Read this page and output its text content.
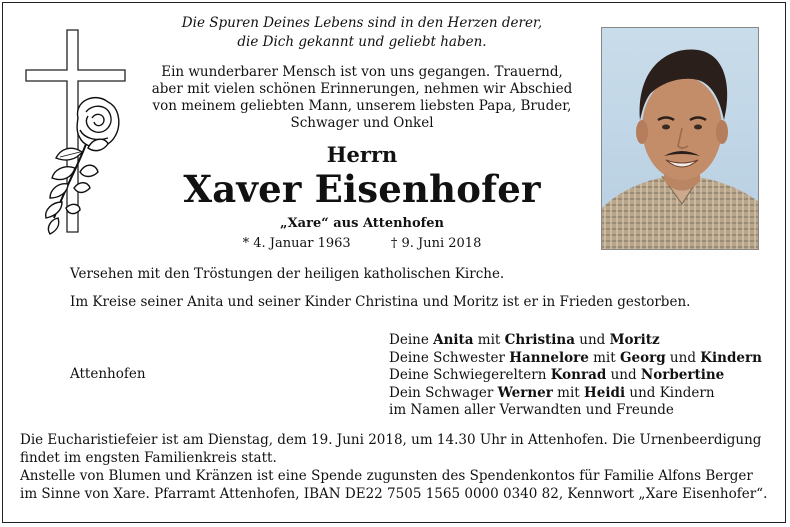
Die Spuren Deines Lebens sind in den Herzen derer,
die Dich gekannt und geliebt haben.
Ein wunderbarer Mensch ist von uns gegangen. Trauernd,
aber mit vielen schönen Erinnerungen, nehmen wir Abschied
von meinem geliebten Mann, unserem liebsten Papa, Bruder,
Schwager und Onkel
Herrn
Xaver Eisenhofer
„Xare“ aus Attenhofen
* 4. Januar 1963	† 9. Juni 2018
Versehen mit den Tröstungen der heiligen katholischen Kirche.
Im Kreise seiner Anita und seiner Kinder Christina und Moritz ist er in Frieden gestorben.
Attenhofen
Deine Anita mit Christina und Moritz
Deine Schwester Hannelore mit Georg und Kindern
Deine Schwiegereltern Konrad und Norbertine
Dein Schwager Werner mit Heidi und Kindern
im Namen aller Verwandten und Freunde
Die Eucharistiefeier ist am Dienstag, dem 19. Juni 2018, um 14.30 Uhr in Attenhofen. Die Urnenbeerdigung findet im engsten Familienkreis statt.
Anstelle von Blumen und Kränzen ist eine Spende zugunsten des Spendenkontos für Familie Alfons Berger im Sinne von Xare. Pfarramt Attenhofen, IBAN DE22 7505 1565 0000 0340 82, Kennwort „Xare Eisenhofer“.
